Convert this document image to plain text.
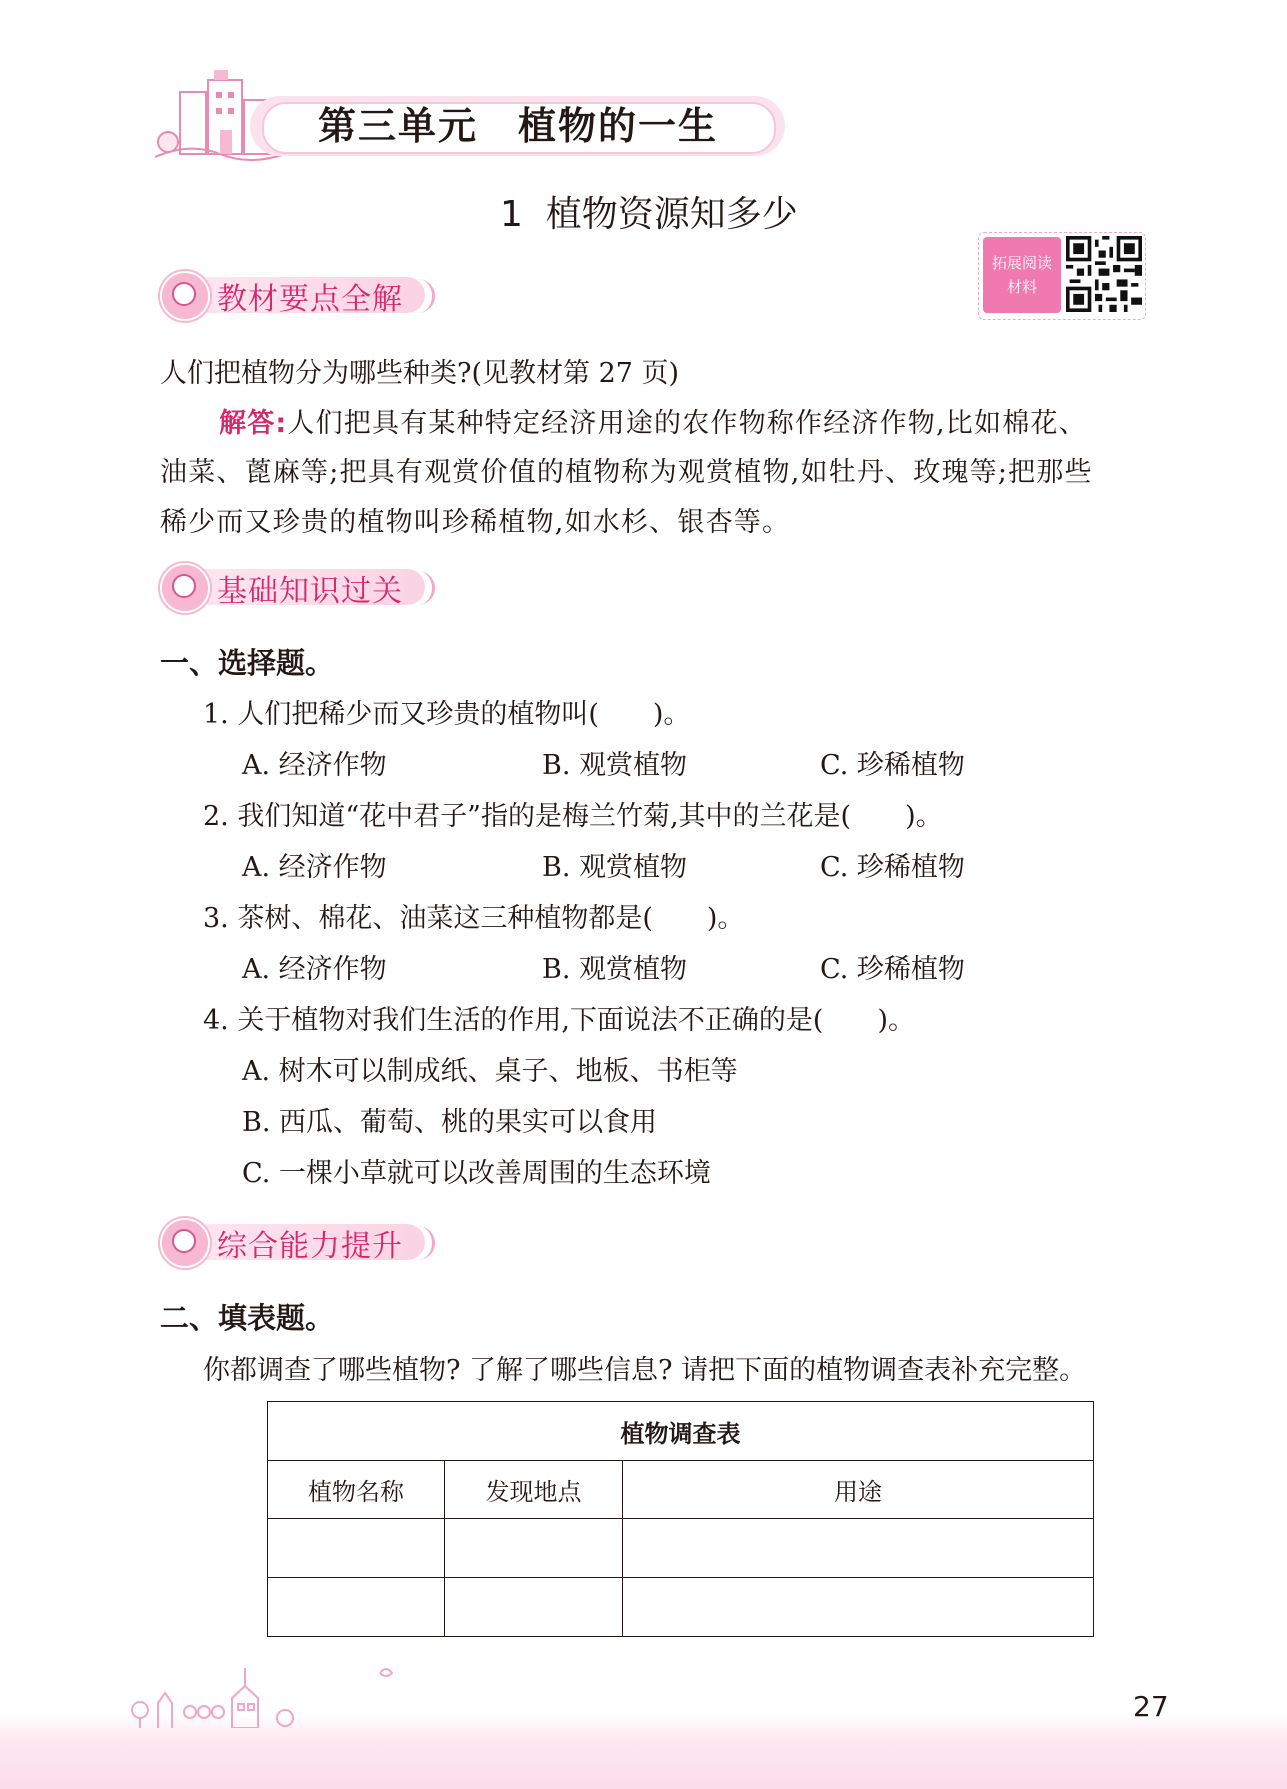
第三单元　植物的一生
1  植物资源知多少
拓展阅读
材料
教材要点全解
人们把植物分为哪些种类?(见教材第 27 页)
解答:人们把具有某种特定经济用途的农作物称作经济作物,比如棉花、
油菜、蓖麻等;把具有观赏价值的植物称为观赏植物,如牡丹、玫瑰等;把那些
稀少而又珍贵的植物叫珍稀植物,如水杉、银杏等。
基础知识过关
一、选择题。
1. 人们把稀少而又珍贵的植物叫(　　)。
A. 经济作物	B. 观赏植物	C. 珍稀植物
2. 我们知道“花中君子”指的是梅兰竹菊,其中的兰花是(　　)。
A. 经济作物	B. 观赏植物	C. 珍稀植物
3. 茶树、棉花、油菜这三种植物都是(　　)。
A. 经济作物	B. 观赏植物	C. 珍稀植物
4. 关于植物对我们生活的作用,下面说法不正确的是(　　)。
A. 树木可以制成纸、桌子、地板、书柜等
B. 西瓜、葡萄、桃的果实可以食用
C. 一棵小草就可以改善周围的生态环境
综合能力提升
二、填表题。
你都调查了哪些植物? 了解了哪些信息? 请把下面的植物调查表补充完整。
植物调查表		
植物名称	发现地点	用途

27
